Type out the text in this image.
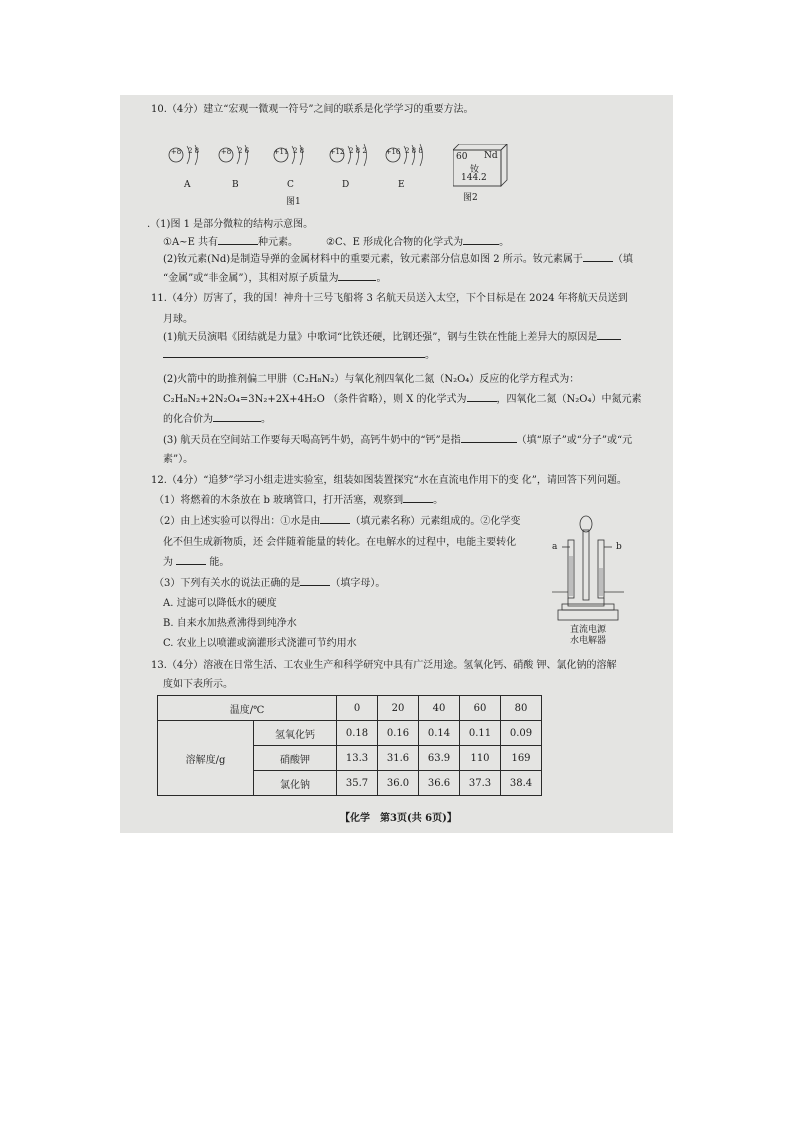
10.（4分）建立“宏观一微观一符号”之间的联系是化学学习的重要方法。
+8 2 8	+8 2 6	+11 2 8	+12 2 8 2	+16 2 8 8
A	B	C	D	E
图1
60 Nd
钕
144.2
图2
.（1)图 1 是部分微粒的结构示意图。
①A~E 共有	种元素。	②C、E 形成化合物的化学式为	。
(2)钕元素(Nd)是制造导弹的金属材料中的重要元素，钕元素部分信息如图 2 所示。钕元素属于	（填
“金属”或“非金属”），其相对原子质量为	。
11.（4分）厉害了，我的国！神舟十三号飞船将 3 名航天员送入太空，下个目标是在 2024 年将航天员送到
月球。
(1)航天员演唱《团结就是力量》中歌词“比铁还硬，比钢还强”，钢与生铁在性能上差异大的原因是
。
(2)火箭中的助推剂偏二甲肼（C₂H₈N₂）与氧化剂四氧化二氮（N₂O₄）反应的化学方程式为：
C₂H₈N₂+2N₂O₄=3N₂+2X+4H₂O （条件省略），则 X 的化学式为	，四氧化二氮（N₂O₄）中氮元素
的化合价为	。
(3) 航天员在空间站工作要每天喝高钙牛奶，高钙牛奶中的“钙”是指	（填“原子”或“分子”或“元
素”）。
12.（4分）“追梦”学习小组走进实验室，组装如图装置探究“水在直流电作用下的变 化”，请回答下列问题。
（1）将燃着的木条放在 b 玻璃管口，打开活塞，观察到	。
（2）由上述实验可以得出：①水是由	（填元素名称）元素组成的。②化学变
化不但生成新物质，还 会伴随着能量的转化。在电解水的过程中，电能主要转化
为	能。
（3）下列有关水的说法正确的是	（填字母）。
A. 过滤可以降低水的硬度
B. 自来水加热煮沸得到纯净水
C. 农业上以喷灌或滴灌形式浇灌可节约用水
a	b
直流电源
水电解器
13.（4分）溶液在日常生活、工农业生产和科学研究中具有广泛用途。氢氧化钙、硝酸 钾、氯化钠的溶解
度如下表所示。
温度/℃		0	20	40	60	80
溶解度/g	氢氧化钙	0.18	0.16	0.14	0.11	0.09
	硝酸钾	13.3	31.6	63.9	110	169
	氯化钠	35.7	36.0	36.6	37.3	38.4
【化学　第3页(共 6页)】
